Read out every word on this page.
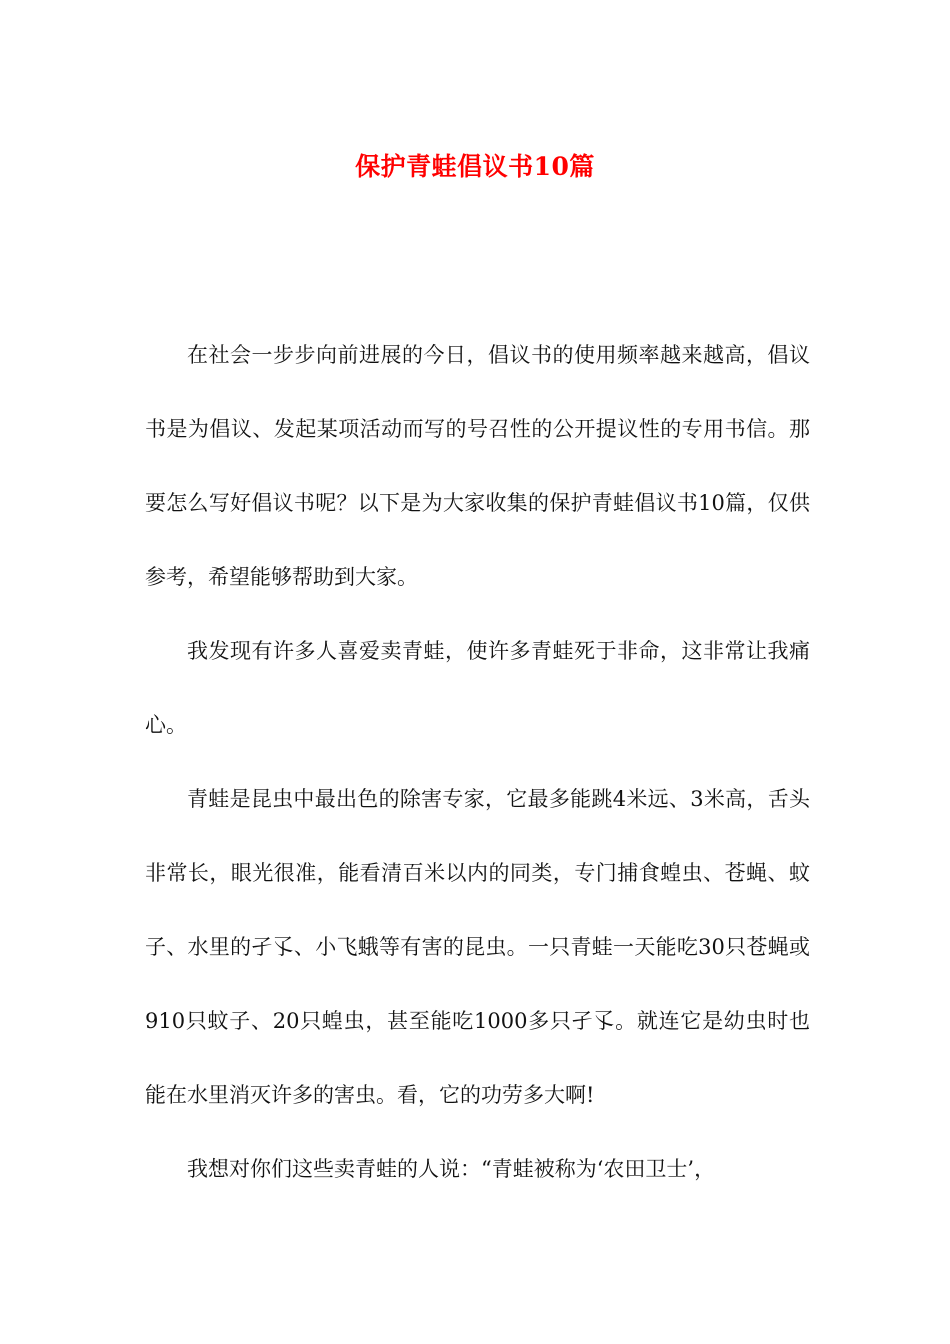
保护青蛙倡议书10篇

在社会一步步向前进展的今日，倡议书的使用频率越来越高，倡议书是为倡议、发起某项活动而写的号召性的公开提议性的专用书信。那要怎么写好倡议书呢？以下是为大家收集的保护青蛙倡议书10篇，仅供参考，希望能够帮助到大家。

我发现有许多人喜爱卖青蛙，使许多青蛙死于非命，这非常让我痛心。

青蛙是昆虫中最出色的除害专家，它最多能跳4米远、3米高，舌头非常长，眼光很准，能看清百米以内的同类，专门捕食蝗虫、苍蝇、蚊子、水里的孑孓、小飞蛾等有害的昆虫。一只青蛙一天能吃30只苍蝇或910只蚊子、20只蝗虫，甚至能吃1000多只孑孓。就连它是幼虫时也能在水里消灭许多的害虫。看，它的功劳多大啊!

我想对你们这些卖青蛙的人说：“青蛙被称为‘农田卫士’，
